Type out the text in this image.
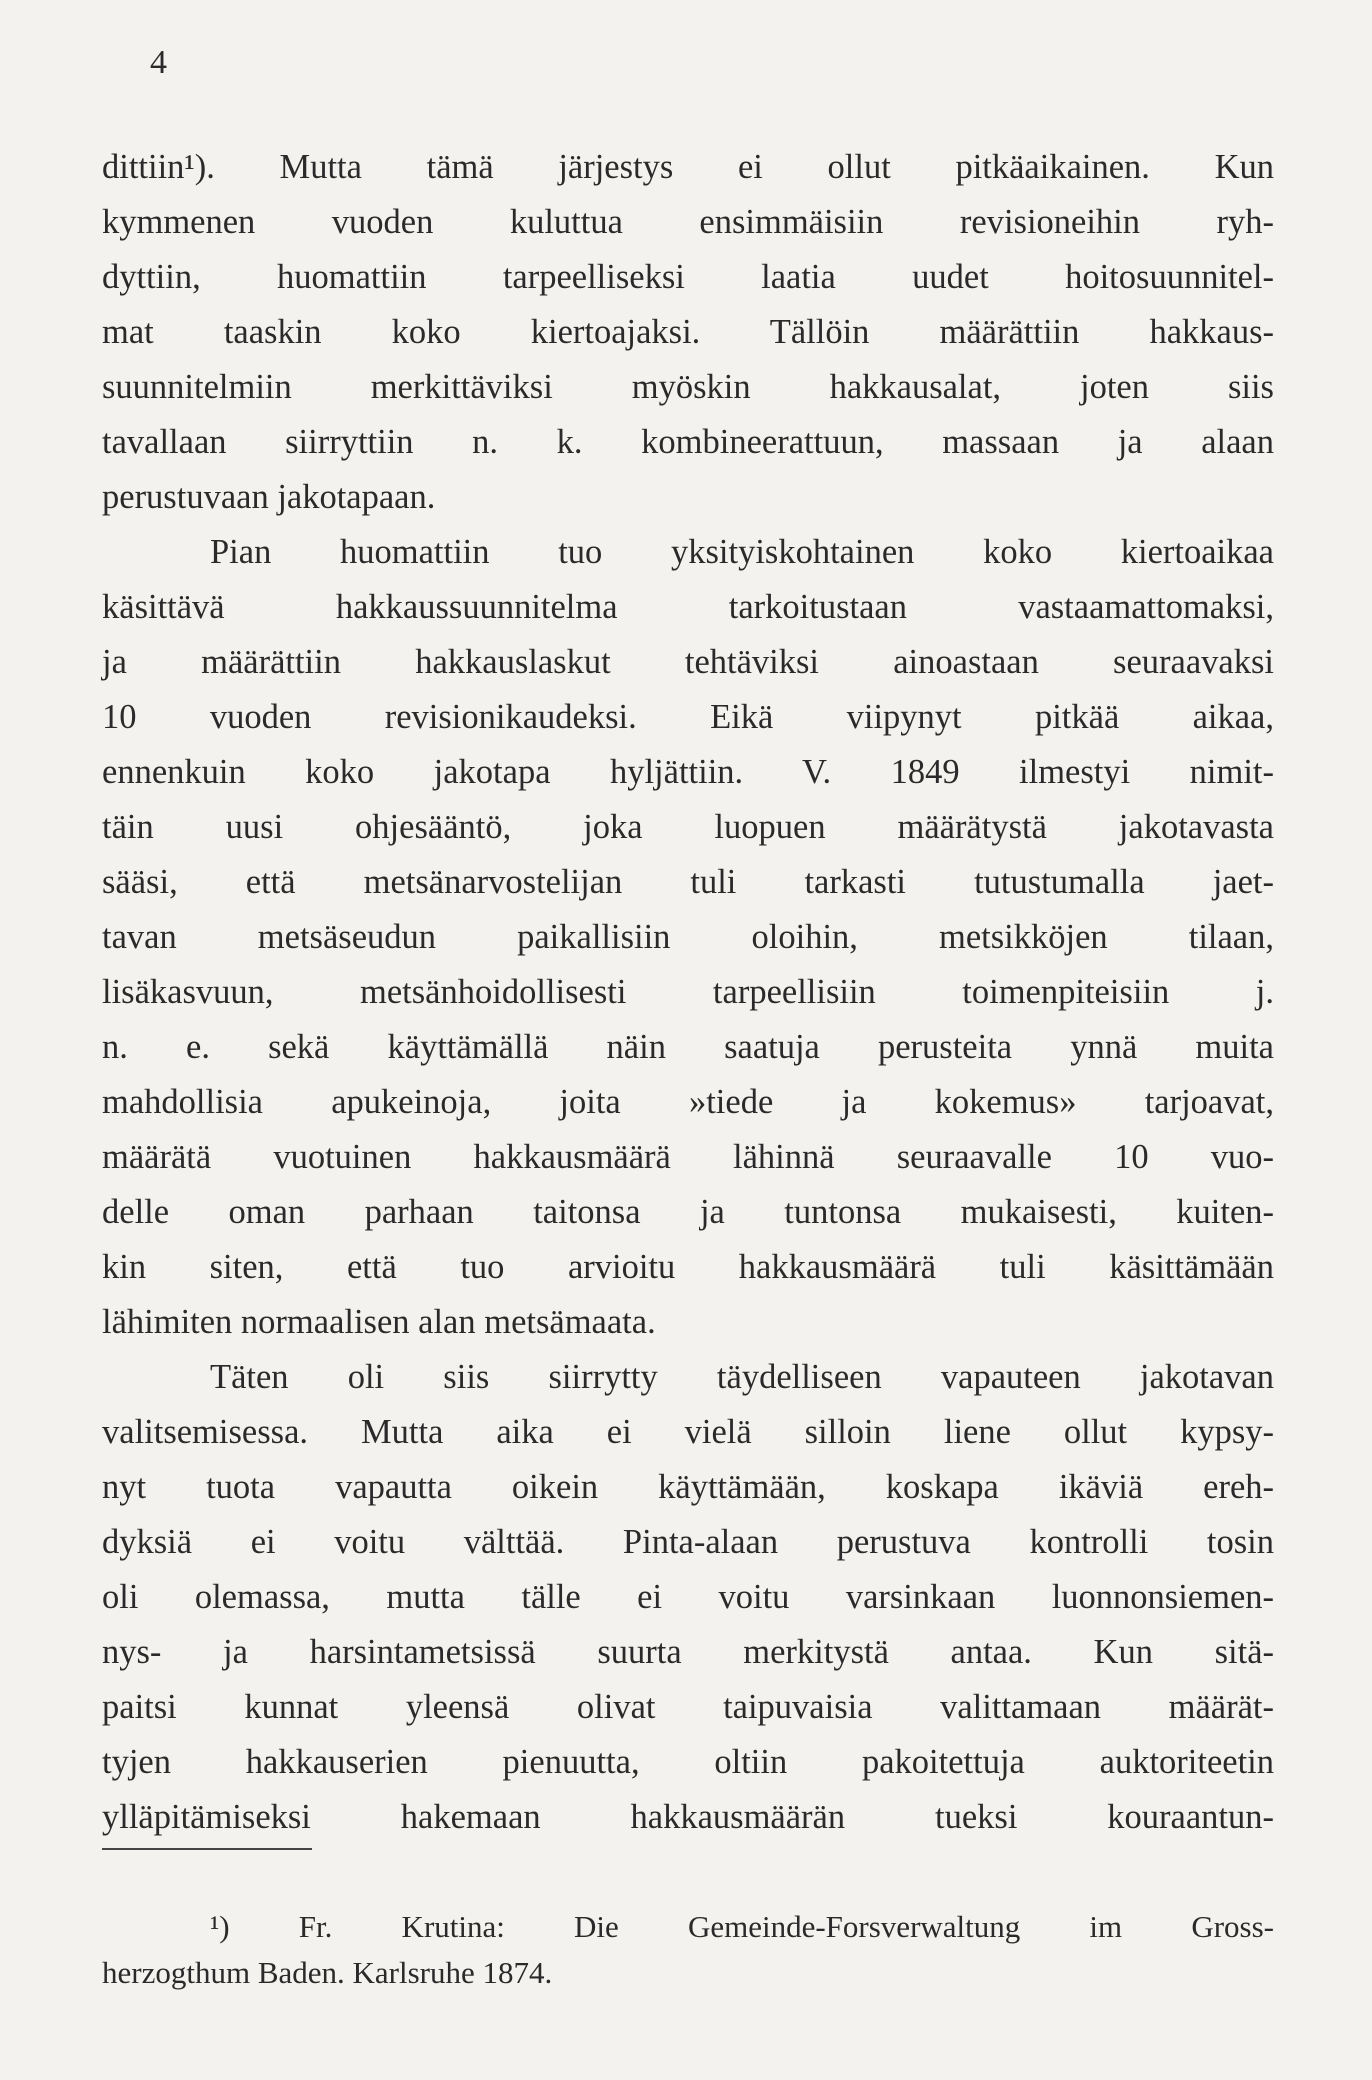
4
dittiin¹). Mutta tämä järjestys ei ollut pitkäaikainen. Kun
kymmenen vuoden kuluttua ensimmäisiin revisioneihin ryh-
dyttiin, huomattiin tarpeelliseksi laatia uudet hoitosuunnitel-
mat taaskin koko kiertoajaksi. Tällöin määrättiin hakkaus-
suunnitelmiin merkittäviksi myöskin hakkausalat, joten siis
tavallaan siirryttiin n. k. kombineerattuun, massaan ja alaan
perustuvaan jakotapaan.
Pian huomattiin tuo yksityiskohtainen koko kiertoaikaa
käsittävä hakkaussuunnitelma tarkoitustaan vastaamattomaksi,
ja määrättiin hakkauslaskut tehtäviksi ainoastaan seuraavaksi
10 vuoden revisionikaudeksi. Eikä viipynyt pitkää aikaa,
ennenkuin koko jakotapa hyljättiin. V. 1849 ilmestyi nimit-
täin uusi ohjesääntö, joka luopuen määrätystä jakotavasta
sääsi, että metsänarvostelijan tuli tarkasti tutustumalla jaet-
tavan metsäseudun paikallisiin oloihin, metsikköjen tilaan,
lisäkasvuun, metsänhoidollisesti tarpeellisiin toimenpiteisiin j.
n. e. sekä käyttämällä näin saatuja perusteita ynnä muita
mahdollisia apukeinoja, joita »tiede ja kokemus» tarjoavat,
määrätä vuotuinen hakkausmäärä lähinnä seuraavalle 10 vuo-
delle oman parhaan taitonsa ja tuntonsa mukaisesti, kuiten-
kin siten, että tuo arvioitu hakkausmäärä tuli käsittämään
lähimiten normaalisen alan metsämaata.
Täten oli siis siirrytty täydelliseen vapauteen jakotavan
valitsemisessa. Mutta aika ei vielä silloin liene ollut kypsy-
nyt tuota vapautta oikein käyttämään, koskapa ikäviä ereh-
dyksiä ei voitu välttää. Pinta-alaan perustuva kontrolli tosin
oli olemassa, mutta tälle ei voitu varsinkaan luonnonsiemen-
nys- ja harsintametsissä suurta merkitystä antaa. Kun sitä-
paitsi kunnat yleensä olivat taipuvaisia valittamaan määrät-
tyjen hakkauserien pienuutta, oltiin pakoitettuja auktoriteetin
ylläpitämiseksi hakemaan hakkausmäärän tueksi kouraantun-
¹) Fr. Krutina: Die Gemeinde-Forsverwaltung im Gross-
herzogthum Baden. Karlsruhe 1874.
